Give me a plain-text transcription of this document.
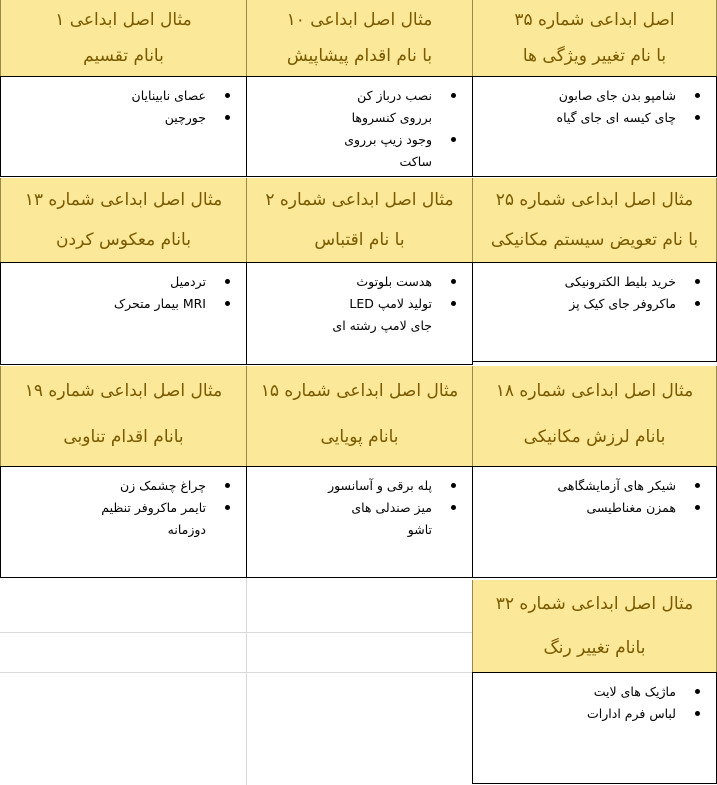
اصل ابداعی شماره ۳۵
با نام تغییر ویژگی ها
مثال اصل ابداعی ۱۰
با نام اقدام پیشاپیش
مثال اصل ابداعی ۱
بانام تقسیم
شامپو بدن جای صابون
چای کیسه ای جای گیاه
نصب درباز کن برروی کنسروها
وجود زیپ برروی ساکت
عصای نابینایان
جورچین
مثال اصل ابداعی شماره ۲۵
با نام تعویض سیستم مکانیکی
مثال اصل ابداعی شماره ۲
با نام اقتباس
مثال اصل ابداعی شماره ۱۳
بانام معکوس کردن
خرید بلیط الکترونیکی
ماکروفر جای کیک پز
هدست بلوتوث
تولید لامپ LED جای لامپ رشته ای
تردمیل
MRI بیمار متحرک
مثال اصل ابداعی شماره ۱۸
بانام لرزش مکانیکی
مثال اصل ابداعی شماره ۱۵
بانام پویایی
مثال اصل ابداعی شماره ۱۹
بانام اقدام تناوبی
شیکر های آزمایشگاهی
همزن مغناطیسی
پله برقی و آسانسور
میز صندلی های تاشو
چراغ چشمک زن
تایمر ماکروفر تنظیم دوزمانه
مثال اصل ابداعی شماره ۳۲
بانام تغییر رنگ
ماژیک های لایت
لباس فرم ادارات
